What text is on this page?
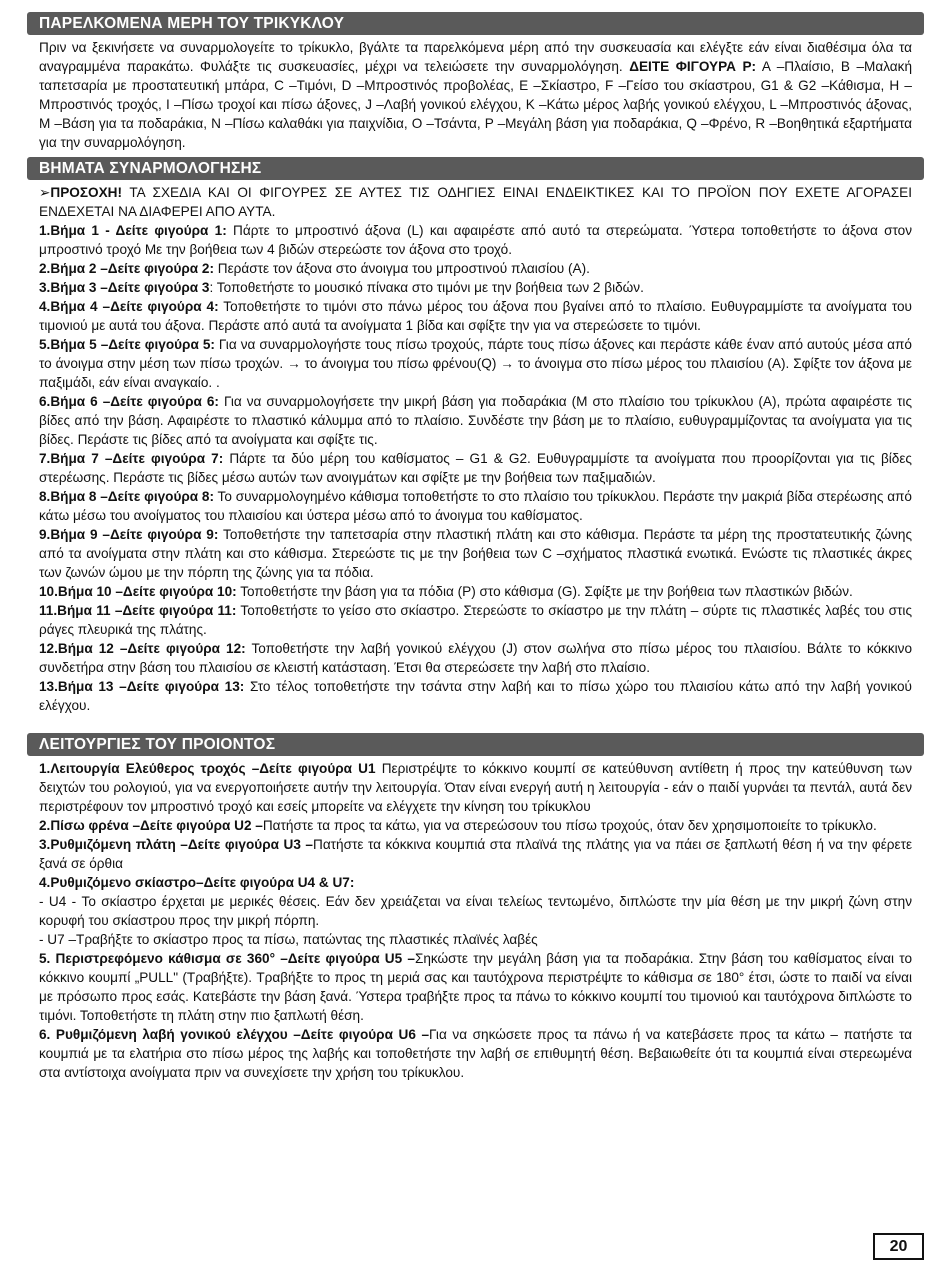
ΠΑΡΕΛΚΟΜΕΝΑ ΜΕΡΗ ΤΟΥ ΤΡΙΚΥΚΛΟΥ

Πριν να ξεκινήσετε να συναρμολογείτε το τρίκυκλο, βγάλτε τα παρελκόμενα μέρη από την συσκευασία και ελέγξτε εάν είναι διαθέσιμα όλα τα αναγραμμένα παρακάτω. Φυλάξτε τις συσκευασίες, μέχρι να τελειώσετε την συναρμολόγηση. ΔΕΙΤΕ ΦΙΓΟΥΡΑ P: A –Πλαίσιο, B –Μαλακή ταπετσαρία με προστατευτική μπάρα, C –Τιμόνι, D –Μπροστινός προβολέας, E –Σκίαστρο, F –Γείσο του σκίαστρου, G1 & G2 –Κάθισμα, H –Μπροστινός τροχός, I –Πίσω τροχοί και πίσω άξονες, J –Λαβή γονικού ελέγχου, K –Κάτω μέρος λαβής γονικού ελέγχου, L –Μπροστινός άξονας, M –Βάση για τα ποδαράκια, N –Πίσω καλαθάκι για παιχνίδια, O –Τσάντα, P –Μεγάλη βάση για ποδαράκια, Q –Φρένο, R –Βοηθητικά εξαρτήματα για την συναρμολόγηση.

ΒΗΜΑΤΑ ΣΥΝΑΡΜΟΛΟΓΗΣΗΣ

➢ΠΡΟΣΟΧΗ! ΤΑ ΣΧΕΔΙΑ ΚΑΙ ΟΙ ΦΙΓΟΥΡΕΣ ΣΕ ΑΥΤΕΣ ΤΙΣ ΟΔΗΓΙΕΣ ΕΙΝΑΙ ΕΝΔΕΙΚΤΙΚΕΣ ΚΑΙ ΤΟ ΠΡΟΪΟΝ ΠΟΥ ΕΧΕΤΕ ΑΓΟΡΑΣΕΙ ΕΝΔΕΧΕΤΑΙ ΝΑ ΔΙΑΦΕΡΕΙ ΑΠΟ ΑΥΤΑ.

1.Βήμα 1 - Δείτε φιγούρα 1: Πάρτε το μπροστινό άξονα (L) και αφαιρέστε από αυτό τα στερεώματα. Ύστερα τοποθετήστε το άξονα στον μπροστινό τροχό Με την βοήθεια των 4 βιδών στερεώστε τον άξονα στο τροχό.

2.Βήμα 2 –Δείτε φιγούρα 2: Περάστε τον άξονα στο άνοιγμα του μπροστινού πλαισίου (A).

3.Βήμα 3 –Δείτε φιγούρα 3: Τοποθετήστε το μουσικό πίνακα στο τιμόνι με την βοήθεια των 2 βιδών.

4.Βήμα 4 –Δείτε φιγούρα 4: Τοποθετήστε το τιμόνι στο πάνω μέρος του άξονα που βγαίνει από το πλαίσιο. Ευθυγραμμίστε τα ανοίγματα του τιμονιού με αυτά του άξονα. Περάστε από αυτά τα ανοίγματα 1 βίδα και σφίξτε την για να στερεώσετε το τιμόνι.

5.Βήμα 5 –Δείτε φιγούρα 5: Για να συναρμολογήστε τους πίσω τροχούς, πάρτε τους πίσω άξονες και περάστε κάθε έναν από αυτούς μέσα από το άνοιγμα στην μέση των πίσω τροχών. → το άνοιγμα του πίσω φρένου(Q) → το άνοιγμα στο πίσω μέρος του πλαισίου (A). Σφίξτε τον άξονα με παξιμάδι, εάν είναι αναγκαίο. .

6.Βήμα 6 –Δείτε φιγούρα 6: Για να συναρμολογήσετε την μικρή βάση για ποδαράκια (M στο πλαίσιο του τρίκυκλου (A), πρώτα αφαιρέστε τις βίδες από την βάση. Αφαιρέστε το πλαστικό κάλυμμα από το πλαίσιο. Συνδέστε την βάση με το πλαίσιο, ευθυγραμμίζοντας τα ανοίγματα για τις βίδες. Περάστε τις βίδες από τα ανοίγματα και σφίξτε τις.

7.Βήμα 7 –Δείτε φιγούρα 7: Πάρτε τα δύο μέρη του καθίσματος – G1 & G2. Ευθυγραμμίστε τα ανοίγματα που προορίζονται για τις βίδες στερέωσης. Περάστε τις βίδες μέσω αυτών των ανοιγμάτων και σφίξτε με την βοήθεια των παξιμαδιών.

8.Βήμα 8 –Δείτε φιγούρα 8: Το συναρμολογημένο κάθισμα τοποθετήστε το στο πλαίσιο του τρίκυκλου. Περάστε την μακριά βίδα στερέωσης από κάτω μέσω του ανοίγματος του πλαισίου και ύστερα μέσω από το άνοιγμα του καθίσματος.

9.Βήμα 9 –Δείτε φιγούρα 9: Τοποθετήστε την ταπετσαρία στην πλαστική πλάτη και στο κάθισμα. Περάστε τα μέρη της προστατευτικής ζώνης από τα ανοίγματα στην πλάτη και στο κάθισμα. Στερεώστε τις με την βοήθεια των C –σχήματος πλαστικά ενωτικά. Ενώστε τις πλαστικές άκρες των ζωνών ώμου με την πόρπη της ζώνης για τα πόδια.

10.Βήμα 10 –Δείτε φιγούρα 10: Τοποθετήστε την βάση για τα πόδια (P) στο κάθισμα (G). Σφίξτε με την βοήθεια των πλαστικών βιδών.

11.Βήμα 11 –Δείτε φιγούρα 11: Τοποθετήστε το γείσο στο σκίαστρο. Στερεώστε το σκίαστρο με την πλάτη – σύρτε τις πλαστικές λαβές του στις ράγες πλευρικά της πλάτης.

12.Βήμα 12 –Δείτε φιγούρα 12: Τοποθετήστε την λαβή γονικού ελέγχου (J) στον σωλήνα στο πίσω μέρος του πλαισίου. Βάλτε το κόκκινο συνδετήρα στην βάση του πλαισίου σε κλειστή κατάσταση. Έτσι θα στερεώσετε την λαβή στο πλαίσιο.

13.Βήμα 13 –Δείτε φιγούρα 13: Στο τέλος τοποθετήστε την τσάντα στην λαβή και το πίσω χώρο του πλαισίου κάτω από την λαβή γονικού ελέγχου.

ΛΕΙΤΟΥΡΓΙΕΣ ΤΟΥ ΠΡΟΙΟΝΤΟΣ

1.Λειτουργία Ελεύθερος τροχός –Δείτε φιγούρα U1 Περιστρέψτε το κόκκινο κουμπί σε κατεύθυνση αντίθετη ή προς την κατεύθυνση των δειχτών του ρολογιού, για να ενεργοποιήσετε αυτήν την λειτουργία. Όταν είναι ενεργή αυτή η λειτουργία - εάν ο παιδί γυρνάει τα πεντάλ, αυτά δεν περιστρέφουν τον μπροστινό τροχό και εσείς μπορείτε να ελέγχετε την κίνηση του τρίκυκλου

2.Πίσω φρένα –Δείτε φιγούρα U2 –Πατήστε τα προς τα κάτω, για να στερεώσουν του πίσω τροχούς, όταν δεν χρησιμοποιείτε το τρίκυκλο.

3.Ρυθμιζόμενη πλάτη –Δείτε φιγούρα U3 –Πατήστε τα κόκκινα κουμπιά στα πλαϊνά της πλάτης για να πάει σε ξαπλωτή θέση ή να την φέρετε ξανά σε όρθια

4.Ρυθμιζόμενο σκίαστρο–Δείτε φιγούρα U4 & U7:

- U4 - Το σκίαστρο έρχεται με μερικές θέσεις. Εάν δεν χρειάζεται να είναι τελείως τεντωμένο, διπλώστε την μία θέση με την μικρή ζώνη στην κορυφή του σκίαστρου προς την μικρή πόρπη.

- U7 –Τραβήξτε το σκίαστρο προς τα πίσω, πατώντας της πλαστικές πλαϊνές λαβές

5. Περιστρεφόμενο κάθισμα σε 360° –Δείτε φιγούρα U5 –Σηκώστε την μεγάλη βάση για τα ποδαράκια. Στην βάση του καθίσματος είναι το κόκκινο κουμπί „PULL" (Τραβήξτε). Τραβήξτε το προς τη μεριά σας και ταυτόχρονα περιστρέψτε το κάθισμα σε 180° έτσι, ώστε το παιδί να είναι με πρόσωπο προς εσάς. Κατεβάστε την βάση ξανά. Ύστερα τραβήξτε προς τα πάνω το κόκκινο κουμπί του τιμονιού και ταυτόχρονα διπλώστε το τιμόνι. Τοποθετήστε τη πλάτη στην πιο ξαπλωτή θέση.

6. Ρυθμιζόμενη λαβή γονικού ελέγχου –Δείτε φιγούρα U6 –Για να σηκώσετε προς τα πάνω ή να κατεβάσετε προς τα κάτω – πατήστε τα κουμπιά με τα ελατήρια στο πίσω μέρος της λαβής και τοποθετήστε την λαβή σε επιθυμητή θέση. Βεβαιωθείτε ότι τα κουμπιά είναι στερεωμένα στα αντίστοιχα ανοίγματα πριν να συνεχίσετε την χρήση του τρίκυκλου.

20
